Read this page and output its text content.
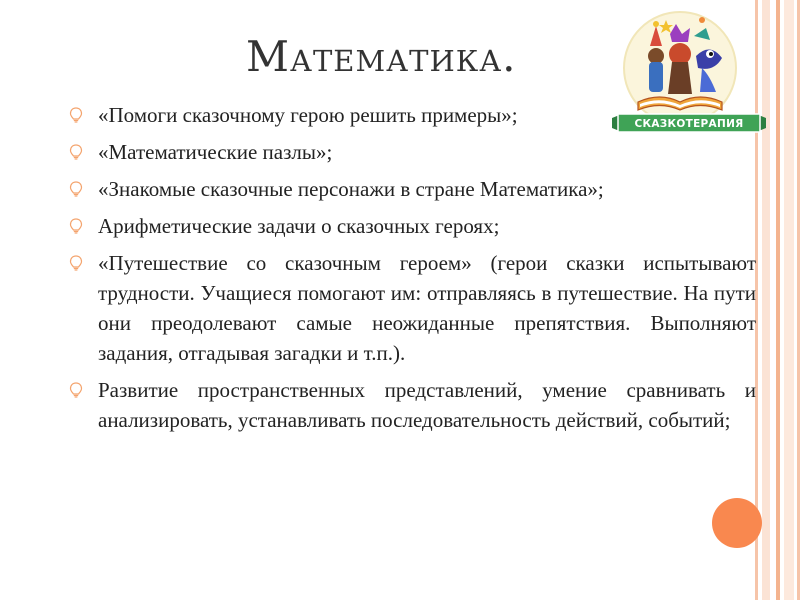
Математика.
«Помоги сказочному герою решить примеры»;
«Математические пазлы»;
«Знакомые сказочные персонажи в стране Математика»;
Арифметические задачи о сказочных героях;
«Путешествие со сказочным героем» (герои сказки испытывают трудности. Учащиеся помогают им: отправляясь в путешествие. На пути они преодолевают самые неожиданные препятствия. Выполняют задания, отгадывая загадки и т.п.).
Развитие пространственных представлений, умение сравнивать и анализировать, устанавливать последовательность действий, событий;
СКАЗКОТЕРАПИЯ
